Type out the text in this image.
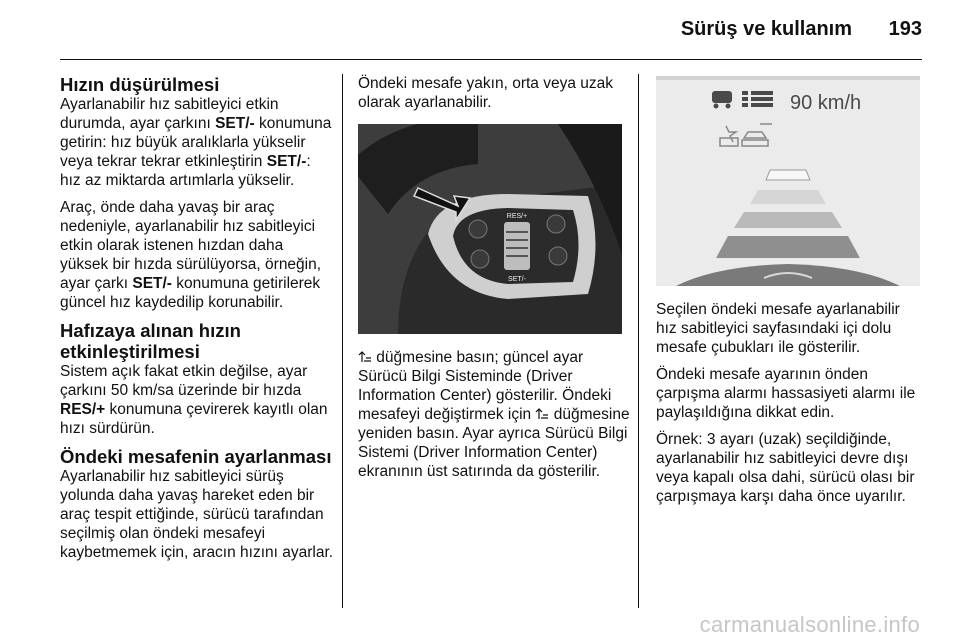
Sürüş ve kullanım 193
Hızın düşürülmesi

Ayarlanabilir hız sabitleyici etkin durumda, ayar çarkını SET/- konumuna getirin: hız büyük aralıklarla yükselir veya tekrar tekrar etkinleştirin SET/-: hız az miktarda artımlarla yükselir.

Araç, önde daha yavaş bir araç nedeniyle, ayarlanabilir hız sabitleyici etkin olarak istenen hızdan daha yüksek bir hızda sürülüyorsa, örneğin, ayar çarkı SET/- konumuna getirilerek güncel hız kaydedilip korunabilir.

Hafızaya alınan hızın etkinleştirilmesi

Sistem açık fakat etkin değilse, ayar çarkını 50 km/sa üzerinde bir hızda RES/+ konumuna çevirerek kayıtlı olan hızı sürdürün.

Öndeki mesafenin ayarlanması

Ayarlanabilir hız sabitleyici sürüş yolunda daha yavaş hareket eden bir araç tespit ettiğinde, sürücü tarafından seçilmiş olan öndeki mesafeyi kaybetmemek için, aracın hızını ayarlar.

Öndeki mesafe yakın, orta veya uzak olarak ayarlanabilir.

RES/+
SET/-

düğmesine basın; güncel ayar Sürücü Bilgi Sisteminde (Driver Information Center) gösterilir. Öndeki mesafeyi değiştirmek için  düğmesine yeniden basın. Ayar ayrıca Sürücü Bilgi Sistemi (Driver Information Center) ekranının üst satırında da gösterilir.

90 km/h

Seçilen öndeki mesafe ayarlanabilir hız sabitleyici sayfasındaki içi dolu mesafe çubukları ile gösterilir.

Öndeki mesafe ayarının önden çarpışma alarmı hassasiyeti alarmı ile paylaşıldığına dikkat edin.

Örnek: 3 ayarı (uzak) seçildiğinde, ayarlanabilir hız sabitleyici devre dışı veya kapalı olsa dahi, sürücü olası bir çarpışmaya karşı daha önce uyarılır.

carmanualsonline.info
